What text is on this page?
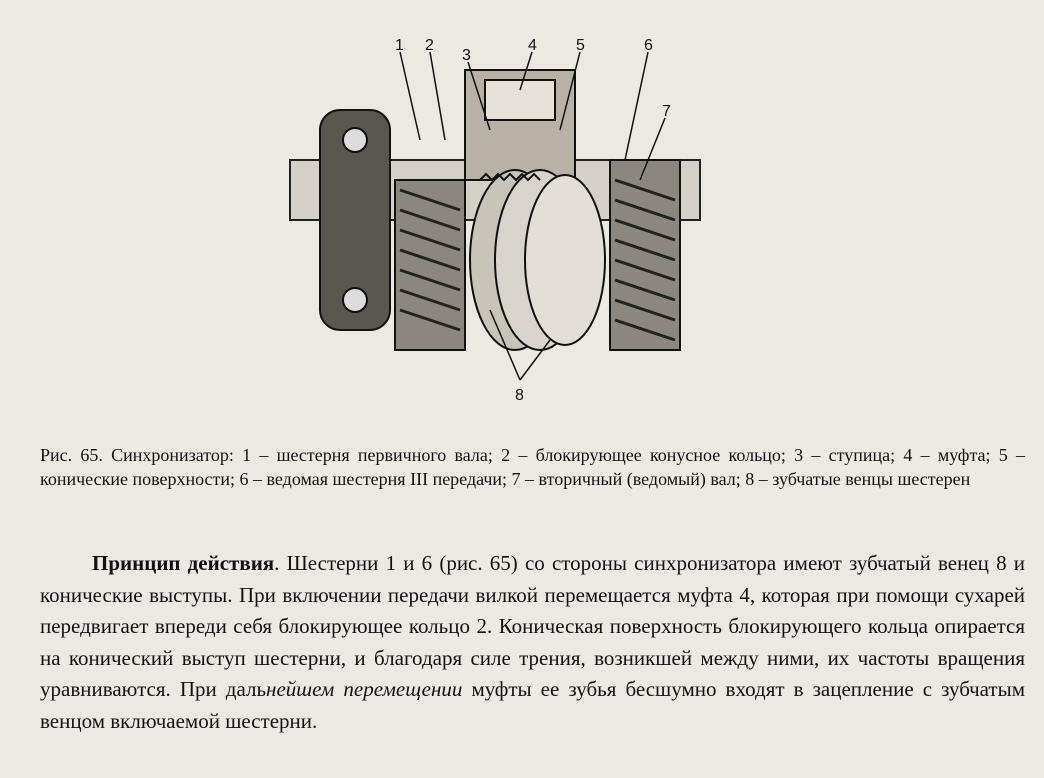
1 2
3
4 5	6
7
8

Рис. 65. Синхронизатор: 1 – шестерня первичного вала; 2 – блокирующее конусное кольцо; 3 – ступица; 4 – муфта; 5 – конические поверхности; 6 – ведомая шестерня III передачи; 7 – вторичный (ведомый) вал; 8 – зубчатые венцы шестерен

Принцип действия. Шестерни 1 и 6 (рис. 65) со стороны синхронизатора имеют зубчатый венец 8 и конические выступы. При включении передачи вилкой перемещается муфта 4, которая при помощи сухарей передвигает впереди себя блокирующее кольцо 2. Коническая поверхность блокирующего кольца опирается на конический выступ шестерни, и благодаря силе трения, возникшей между ними, их частоты вращения уравниваются. При дальнейшем перемещении муфты ее зубья бесшумно входят в зацепление с зубчатым венцом включаемой шестерни.
